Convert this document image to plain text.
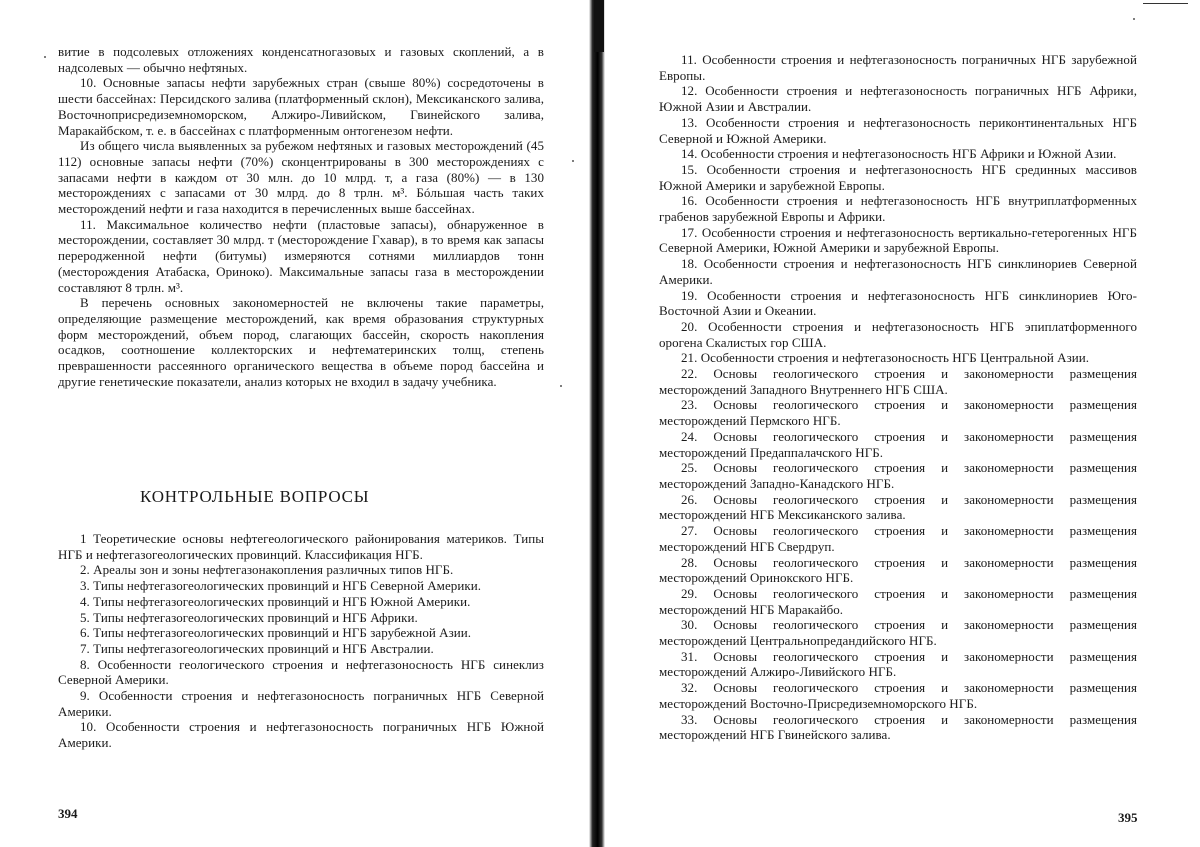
витие в подсолевых отложениях конденсатногазовых и газовых скоплений, а в надсолевых — обычно нефтяных.

10. Основные запасы нефти зарубежных стран (свыше 80%) сосредоточены в шести бассейнах: Персидского залива (платформенный склон), Мексиканского залива, Восточноприсредиземноморском, Алжиро-Ливийском, Гвинейского залива, Маракайбском, т. е. в бассейнах с платформенным онтогенезом нефти.

Из общего числа выявленных за рубежом нефтяных и газовых месторождений (45 112) основные запасы нефти (70%) сконцентрированы в 300 месторождениях с запасами нефти в каждом от 30 млн. до 10 млрд. т, а газа (80%) — в 130 месторождениях с запасами от 30 млрд. до 8 трлн. м³. Бóльшая часть таких месторождений нефти и газа находится в перечисленных выше бассейнах.

11. Максимальное количество нефти (пластовые запасы), обнаруженное в месторождении, составляет 30 млрд. т (месторождение Гхавар), в то время как запасы переродженной нефти (битумы) измеряются сотнями миллиардов тонн (месторождения Атабаска, Ориноко). Максимальные запасы газа в месторождении составляют 8 трлн. м³.

В перечень основных закономерностей не включены такие параметры, определяющие размещение месторождений, как время образования структурных форм месторождений, объем пород, слагающих бассейн, скорость накопления осадков, соотношение коллекторских и нефтематеринских толщ, степень преврашенности рассеянного органического вещества в объеме пород бассейна и другие генетические показатели, анализ которых не входил в задачу учебника.

КОНТРОЛЬНЫЕ ВОПРОСЫ

1 Теоретические основы нефтегеологического районирования материков. Типы НГБ и нефтегазогеологических провинций. Классификация НГБ.

2. Ареалы зон и зоны нефтегазонакопления различных типов НГБ.

3. Типы нефтегазогеологических провинций и НГБ Северной Америки.

4. Типы нефтегазогеологических провинций и НГБ Южной Америки.

5. Типы нефтегазогеологических провинций и НГБ Африки.

6. Типы нефтегазогеологических провинций и НГБ зарубежной Азии.

7. Типы нефтегазогеологических провинций и НГБ Австралии.

8. Особенности геологического строения и нефтегазоносность НГБ синеклиз Северной Америки.

9. Особенности строения и нефтегазоносность пограничных НГБ Северной Америки.

10. Особенности строения и нефтегазоносность пограничных НГБ Южной Америки.

394

11. Особенности строения и нефтегазоносность пограничных НГБ зарубежной Европы.

12. Особенности строения и нефтегазоносность пограничных НГБ Африки, Южной Азии и Австралии.

13. Особенности строения и нефтегазоносность периконтинентальных НГБ Северной и Южной Америки.

14. Особенности строения и нефтегазоносность НГБ Африки и Южной Азии.

15. Особенности строения и нефтегазоносность НГБ срединных массивов Южной Америки и зарубежной Европы.

16. Особенности строения и нефтегазоносность НГБ внутриплатформенных грабенов зарубежной Европы и Африки.

17. Особенности строения и нефтегазоносность вертикально-гетерогенных НГБ Северной Америки, Южной Америки и зарубежной Европы.

18. Особенности строения и нефтегазоносность НГБ синклинориев Северной Америки.

19. Особенности строения и нефтегазоносность НГБ синклинориев Юго-Восточной Азии и Океании.

20. Особенности строения и нефтегазоносность НГБ эпиплатформенного орогена Скалистых гор США.

21. Особенности строения и нефтегазоносность НГБ Центральной Азии.

22. Основы геологического строения и закономерности размещения месторождений Западного Внутреннего НГБ США.

23. Основы геологического строения и закономерности размещения месторождений Пермского НГБ.

24. Основы геологического строения и закономерности размещения месторождений Предаппалачского НГБ.

25. Основы геологического строения и закономерности размещения месторождений Западно-Канадского НГБ.

26. Основы геологического строения и закономерности размещения месторождений НГБ Мексиканского залива.

27. Основы геологического строения и закономерности размещения месторождений НГБ Свердруп.

28. Основы геологического строения и закономерности размещения месторождений Оринокского НГБ.

29. Основы геологического строения и закономерности размещения месторождений НГБ Маракайбо.

30. Основы геологического строения и закономерности размещения месторождений Центральнопредандийского НГБ.

31. Основы геологического строения и закономерности размещения месторождений Алжиро-Ливийского НГБ.

32. Основы геологического строения и закономерности размещения месторождений Восточно-Присредиземноморского НГБ.

33. Основы геологического строения и закономерности размещения месторождений НГБ Гвинейского залива.

395
